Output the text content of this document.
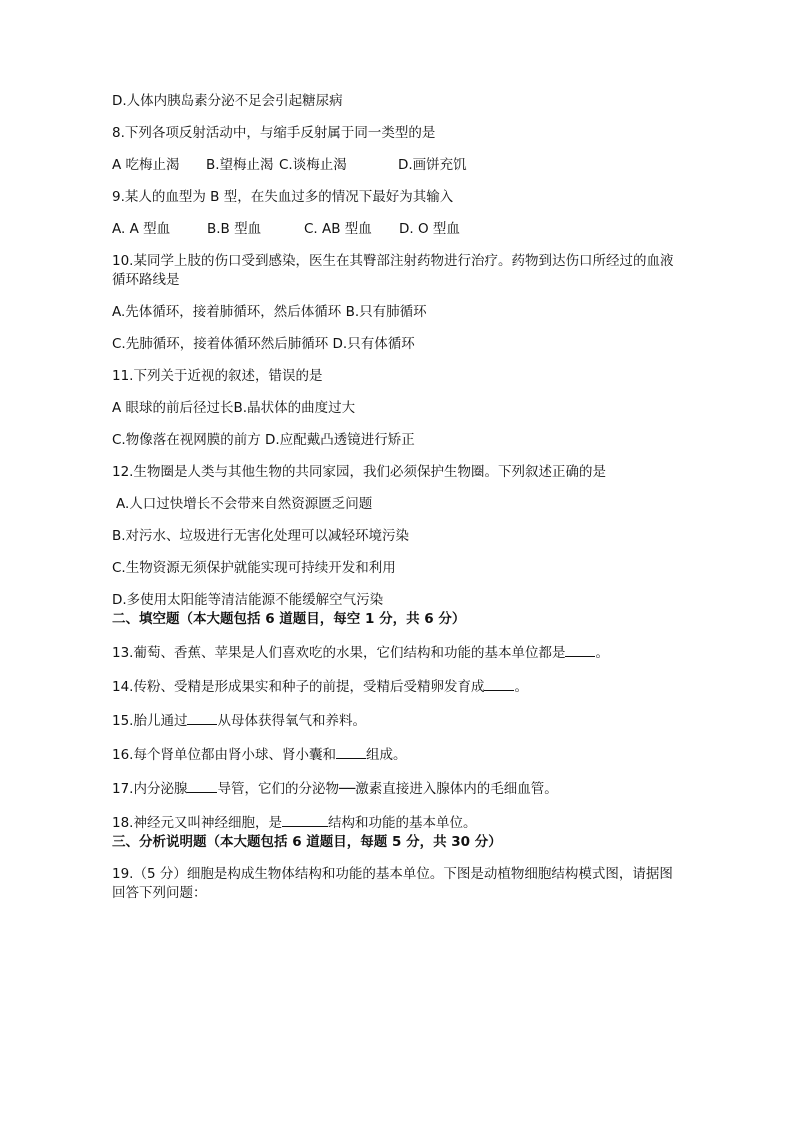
D.人体内胰岛素分泌不足会引起糖尿病

8.下列各项反射活动中，与缩手反射属于同一类型的是

A 吃梅止渴 B.望梅止渴 C.谈梅止渴	D.画饼充饥

9.某人的血型为 B 型，在失血过多的情况下最好为其输入

A. A 型血	B.B 型血	C. AB 型血 D. O 型血

10.某同学上肢的伤口受到感染，医生在其臀部注射药物进行治疗。药物到达伤口所经过的血液循环路线是

A.先体循环，接着肺循环，然后体循环 B.只有肺循环

C.先肺循环，接着体循环然后肺循环 D.只有体循环

11.下列关于近视的叙述，错误的是

A 眼球的前后径过长B.晶状体的曲度过大

C.物像落在视网膜的前方 D.应配戴凸透镜进行矫正

12.生物圈是人类与其他生物的共同家园，我们必须保护生物圈。下列叙述正确的是

A.人口过快增长不会带来自然资源匮乏问题

B.对污水、垃圾进行无害化处理可以减轻环境污染

C.生物资源无须保护就能实现可持续开发和利用

D.多使用太阳能等清洁能源不能缓解空气污染

二、填空题（本大题包括 6 道题目，每空 1 分，共 6 分）

13.葡萄、香蕉、苹果是人们喜欢吃的水果，它们结构和功能的基本单位都是 。

14.传粉、受精是形成果实和种子的前提，受精后受精卵发育成 。

15.胎儿通过 从母体获得氧气和养料。

16.每个肾单位都由肾小球、肾小囊和 组成。

17.内分泌腺 导管，它们的分泌物──激素直接进入腺体内的毛细血管。

18.神经元又叫神经细胞，是	结构和功能的基本单位。

三、分析说明题（本大题包括 6 道题目，每题 5 分，共 30 分）

19.（5 分）细胞是构成生物体结构和功能的基本单位。下图是动植物细胞结构模式图，请据图回答下列问题：
